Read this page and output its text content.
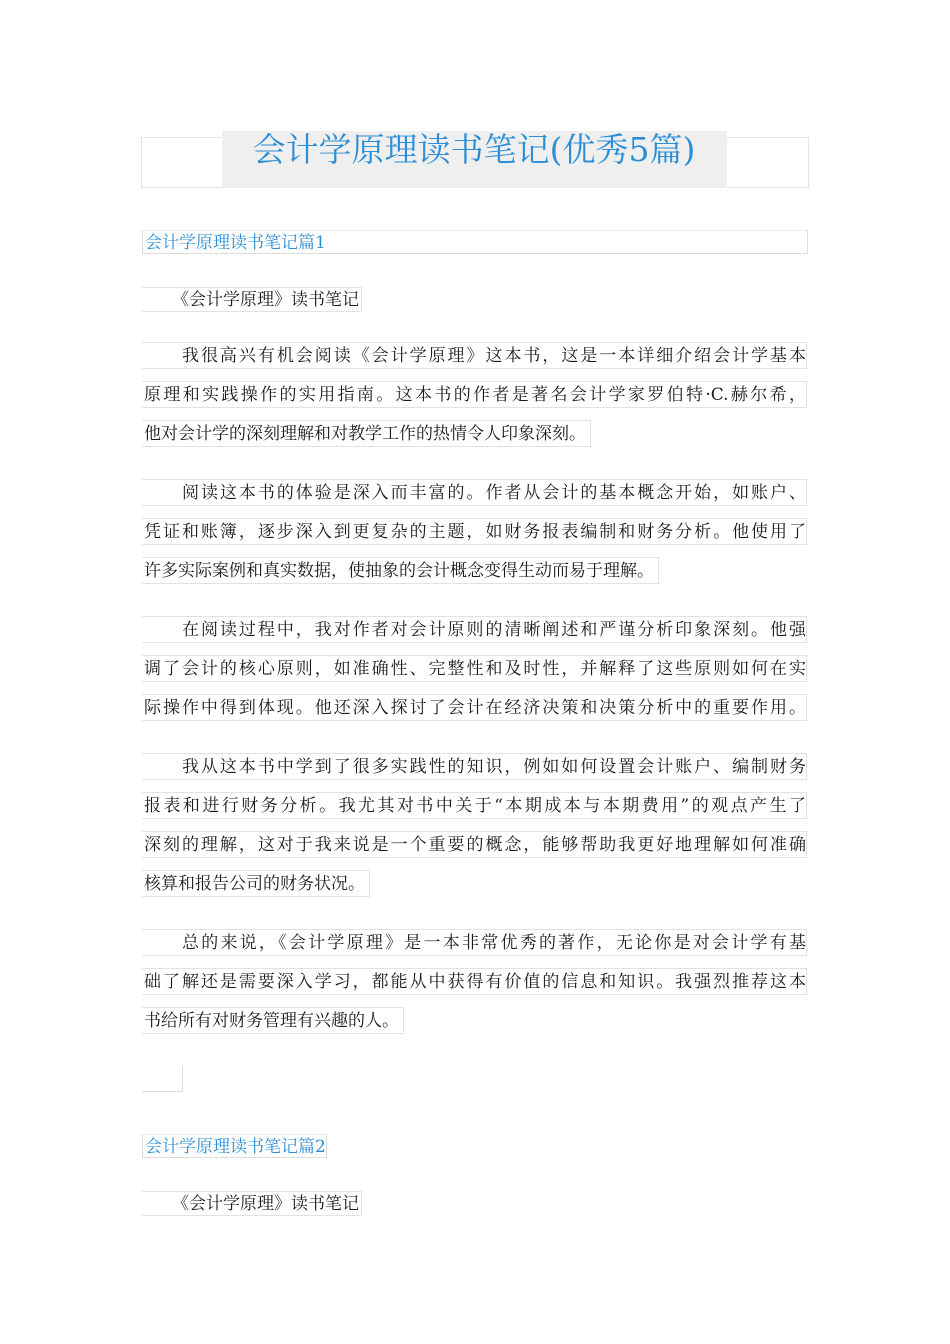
会计学原理读书笔记(优秀5篇)
会计学原理读书笔记篇1
《会计学原理》读书笔记
我很高兴有机会阅读《会计学原理》这本书，这是一本详细介绍会计学基本
原理和实践操作的实用指南。这本书的作者是著名会计学家罗伯特·C.赫尔希，
他对会计学的深刻理解和对教学工作的热情令人印象深刻。
阅读这本书的体验是深入而丰富的。作者从会计的基本概念开始，如账户、
凭证和账簿，逐步深入到更复杂的主题，如财务报表编制和财务分析。他使用了
许多实际案例和真实数据，使抽象的会计概念变得生动而易于理解。
在阅读过程中，我对作者对会计原则的清晰阐述和严谨分析印象深刻。他强
调了会计的核心原则，如准确性、完整性和及时性，并解释了这些原则如何在实
际操作中得到体现。他还深入探讨了会计在经济决策和决策分析中的重要作用。
我从这本书中学到了很多实践性的知识，例如如何设置会计账户、编制财务
报表和进行财务分析。我尤其对书中关于“本期成本与本期费用”的观点产生了
深刻的理解，这对于我来说是一个重要的概念，能够帮助我更好地理解如何准确
核算和报告公司的财务状况。
总的来说，《会计学原理》是一本非常优秀的著作，无论你是对会计学有基
础了解还是需要深入学习，都能从中获得有价值的信息和知识。我强烈推荐这本
书给所有对财务管理有兴趣的人。
会计学原理读书笔记篇2
《会计学原理》读书笔记
